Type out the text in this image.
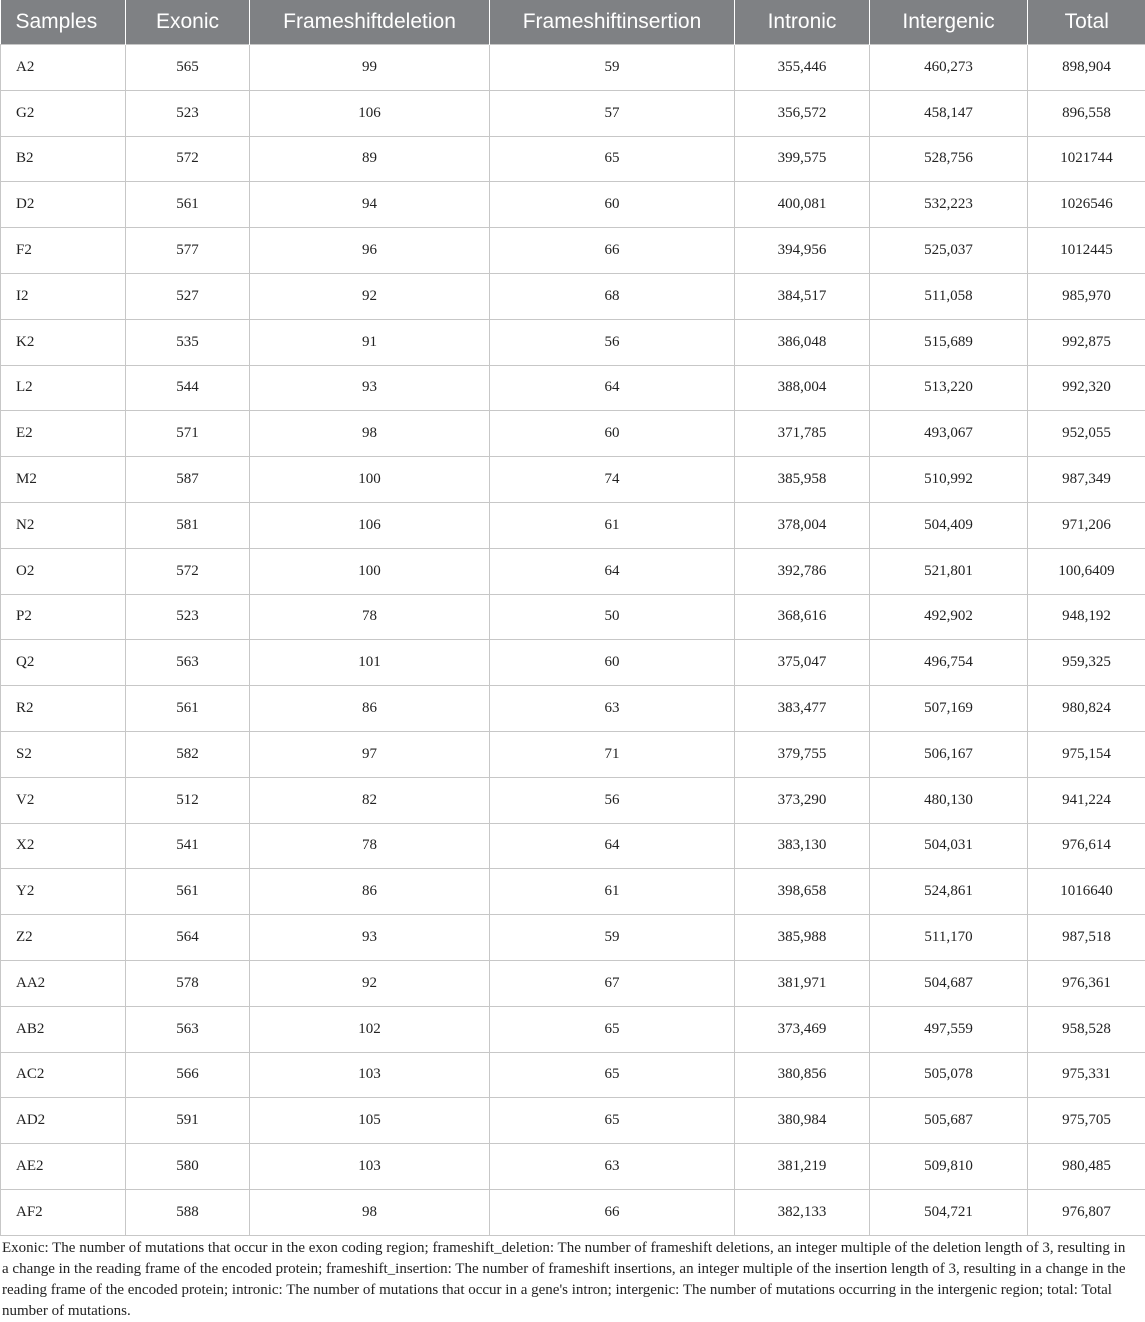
Samples	Exonic	Frameshiftdeletion	Frameshiftinsertion	Intronic	Intergenic	Total
A2	565	99	59	355,446	460,273	898,904
G2	523	106	57	356,572	458,147	896,558
B2	572	89	65	399,575	528,756	1021744
D2	561	94	60	400,081	532,223	1026546
F2	577	96	66	394,956	525,037	1012445
I2	527	92	68	384,517	511,058	985,970
K2	535	91	56	386,048	515,689	992,875
L2	544	93	64	388,004	513,220	992,320
E2	571	98	60	371,785	493,067	952,055
M2	587	100	74	385,958	510,992	987,349
N2	581	106	61	378,004	504,409	971,206
O2	572	100	64	392,786	521,801	100,6409
P2	523	78	50	368,616	492,902	948,192
Q2	563	101	60	375,047	496,754	959,325
R2	561	86	63	383,477	507,169	980,824
S2	582	97	71	379,755	506,167	975,154
V2	512	82	56	373,290	480,130	941,224
X2	541	78	64	383,130	504,031	976,614
Y2	561	86	61	398,658	524,861	1016640
Z2	564	93	59	385,988	511,170	987,518
AA2	578	92	67	381,971	504,687	976,361
AB2	563	102	65	373,469	497,559	958,528
AC2	566	103	65	380,856	505,078	975,331
AD2	591	105	65	380,984	505,687	975,705
AE2	580	103	63	381,219	509,810	980,485
AF2	588	98	66	382,133	504,721	976,807

Exonic: The number of mutations that occur in the exon coding region; frameshift_deletion: The number of frameshift deletions, an integer multiple of the deletion length of 3, resulting in a change in the reading frame of the encoded protein; frameshift_insertion: The number of frameshift insertions, an integer multiple of the insertion length of 3, resulting in a change in the reading frame of the encoded protein; intronic: The number of mutations that occur in a gene's intron; intergenic: The number of mutations occurring in the intergenic region; total: Total number of mutations.
